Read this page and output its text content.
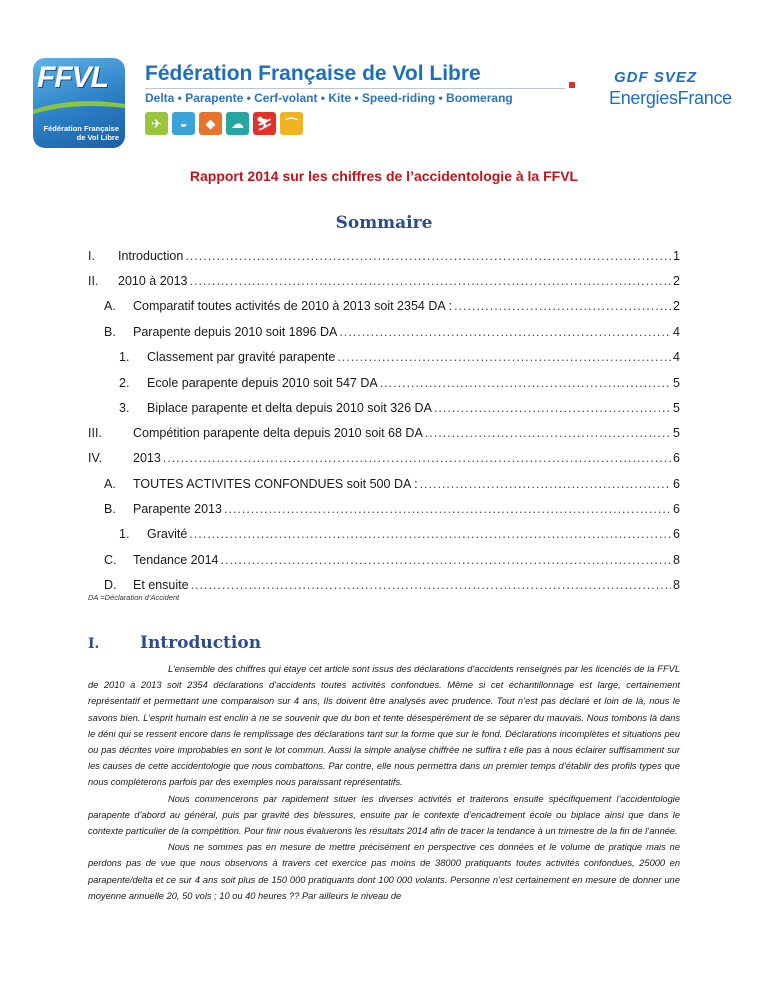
FFVL
Fédération Française
de Vol Libre
Fédération Française de Vol Libre
Delta • Parapente • Cerf-volant • Kite • Speed-riding • Boomerang
✈	◒	◆	☁ ⛷ ⌒
GDF SVEZ
EnergiesFrance
Rapport 2014 sur les chiffres de l’accidentologie à la FFVL
Sommaire
I. Introduction .....	1
II. 2010 à 2013 .....	2
A. Comparatif toutes activités de 2010 à 2013 soit 2354 DA : .....	2
B. Parapente depuis 2010 soit 1896 DA .....	4
1. Classement par gravité parapente .....	4
2. Ecole parapente depuis 2010 soit 547 DA .....	5
3. Biplace parapente et delta depuis 2010 soit 326 DA .....	5
III. Compétition parapente delta depuis 2010 soit 68 DA .....	5
IV. 2013 .....	6
A. TOUTES ACTIVITES CONFONDUES soit 500 DA : .....	6
B. Parapente 2013 .....	6
1. Gravité .....	6
C. Tendance 2014 .....	8
D. Et ensuite .....	8
DA =Déclaration d’Accident
I. Introduction

L’ensemble des chiffres qui étaye cet article sont issus des déclarations d’accidents renseignés par les licenciés de la FFVL de 2010 à 2013 soit 2354 déclarations d’accidents toutes activités confondues. Même si cet échantillonnage est large, certainement représentatif et permettant une comparaison sur 4 ans, Ils doivent être analysés avec prudence. Tout n’est pas déclaré et loin de là, nous le savons bien. L’esprit humain est enclin à ne se souvenir que du bon et tente désespérément de se séparer du mauvais. Nous tombons là dans le déni qui se ressent encore dans le remplissage des déclarations tant sur la forme que sur le fond. Déclarations incomplètes et situations peu ou pas décrites voire improbables en sont le lot commun. Aussi la simple analyse chiffrée ne suffira t elle pas à nous éclairer suffisamment sur les causes de cette accidentologie que nous combattons. Par contre, elle nous permettra dans un premier temps d’établir des profils types que nous compléterons parfois par des exemples nous paraissant représentatifs.

Nous commencerons par rapidement situer les diverses activités et traiterons ensuite spécifiquement l’accidentologie parapente d’abord au général, puis par gravité des blessures, ensuite par le contexte d’encadrement école ou biplace ainsi que dans le contexte particulier de la compétition. Pour finir nous évaluerons les résultats 2014 afin de tracer la tendance à un trimestre de la fin de l’année.

Nous ne sommes pas en mesure de mettre précisément en perspective ces données et le volume de pratique mais ne perdons pas de vue que nous observons à travers cet exercice pas moins de 38000 pratiquants toutes activités confondues, 25000 en parapente/delta et ce sur 4 ans soit plus de 150 000 pratiquants dont 100 000 volants. Personne n’est certainement en mesure de donner une moyenne annuelle 20, 50 vols ; 10 ou 40 heures ?? Par ailleurs le niveau de
